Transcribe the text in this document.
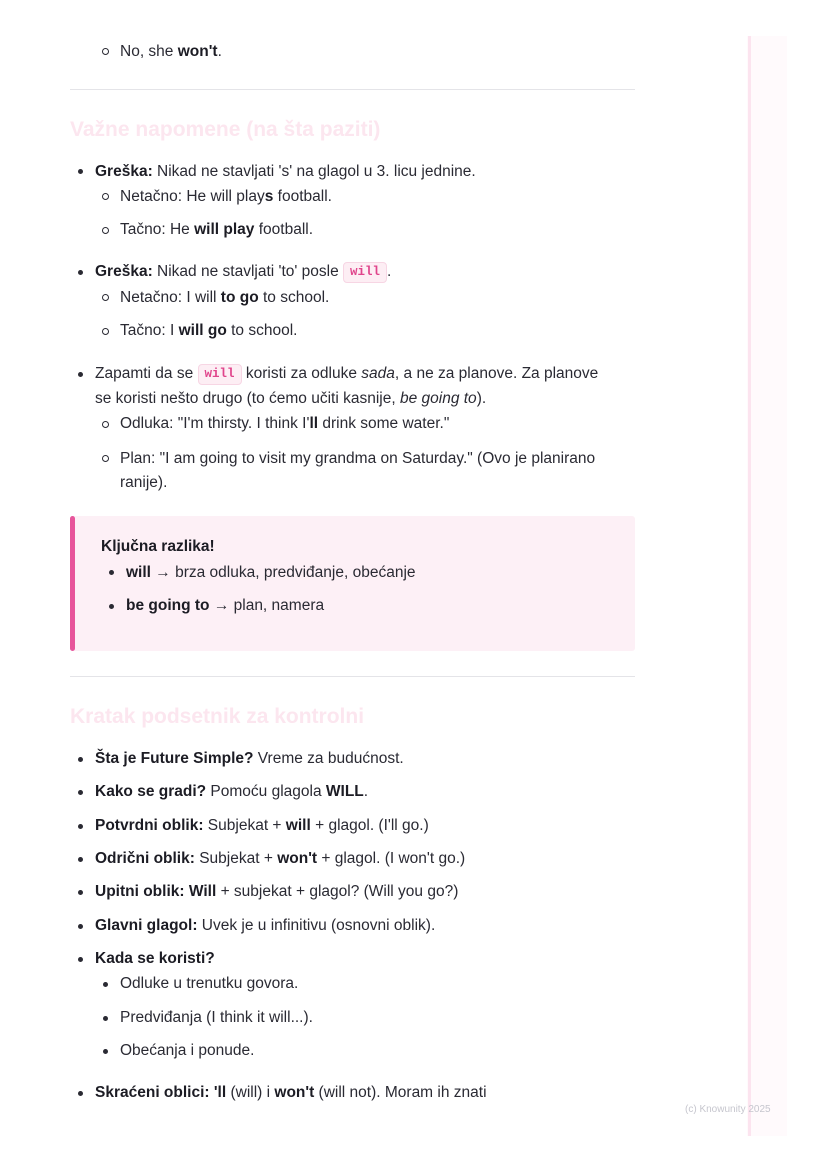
No, she won't.
Važne napomene (na šta paziti)
Greška: Nikad ne stavljati 's' na glagol u 3. licu jednine.
Netačno: He will plays football.
Tačno: He will play football.
Greška: Nikad ne stavljati 'to' posle will .
Netačno: I will to go to school.
Tačno: I will go to school.
Zapamti da se will koristi za odluke sada, a ne za planove. Za planove
se koristi nešto drugo (to ćemo učiti kasnije, be going to).
Odluka: "I'm thirsty. I think I'll drink some water."
Plan: "I am going to visit my grandma on Saturday." (Ovo je planirano
ranije).
Ključna razlika!
will → brza odluka, predviđanje, obećanje
be going to → plan, namera
Kratak podsetnik za kontrolni
Šta je Future Simple? Vreme za budućnost.
Kako se gradi? Pomoću glagola WILL.
Potvrdni oblik: Subjekat + will + glagol. (I'll go.)
Odrični oblik: Subjekat + won't + glagol. (I won't go.)
Upitni oblik: Will + subjekat + glagol? (Will you go?)
Glavni glagol: Uvek je u infinitivu (osnovni oblik).
Kada se koristi?
Odluke u trenutku govora.
Predviđanja (I think it will...).
Obećanja i ponude.
Skraćeni oblici: 'll (will) i won't (will not). Moram ih znati
(c) Knowunity 2025
